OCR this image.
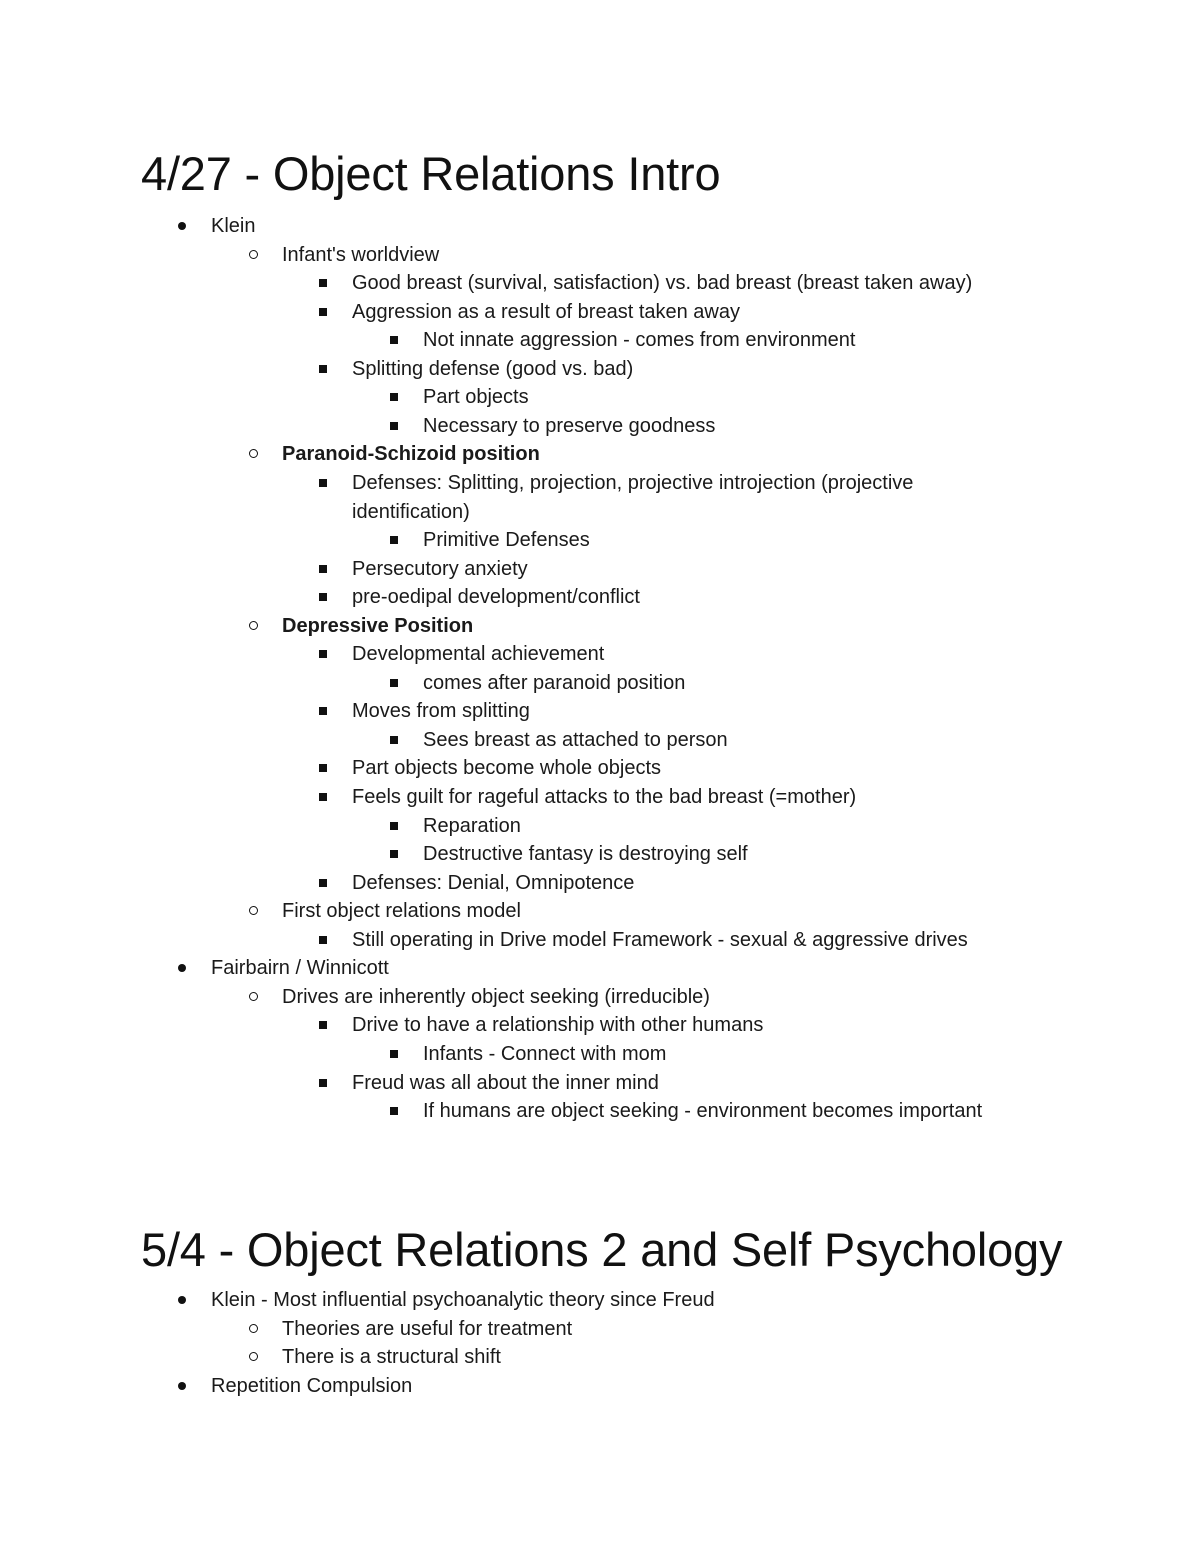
4/27 - Object Relations Intro
Klein
Infant's worldview
Good breast (survival, satisfaction) vs. bad breast (breast taken away)
Aggression as a result of breast taken away
Not innate aggression - comes from environment
Splitting defense (good vs. bad)
Part objects
Necessary to preserve goodness
Paranoid-Schizoid position
Defenses: Splitting, projection, projective introjection (projective
identification)
Primitive Defenses
Persecutory anxiety
pre-oedipal development/conflict
Depressive Position
Developmental achievement
comes after paranoid position
Moves from splitting
Sees breast as attached to person
Part objects become whole objects
Feels guilt for rageful attacks to the bad breast (=mother)
Reparation
Destructive fantasy is destroying self
Defenses: Denial, Omnipotence
First object relations model
Still operating in Drive model Framework - sexual & aggressive drives
Fairbairn / Winnicott
Drives are inherently object seeking (irreducible)
Drive to have a relationship with other humans
Infants - Connect with mom
Freud was all about the inner mind
If humans are object seeking - environment becomes important
5/4 - Object Relations 2 and Self Psychology
Klein - Most influential psychoanalytic theory since Freud
Theories are useful for treatment
There is a structural shift
Repetition Compulsion
